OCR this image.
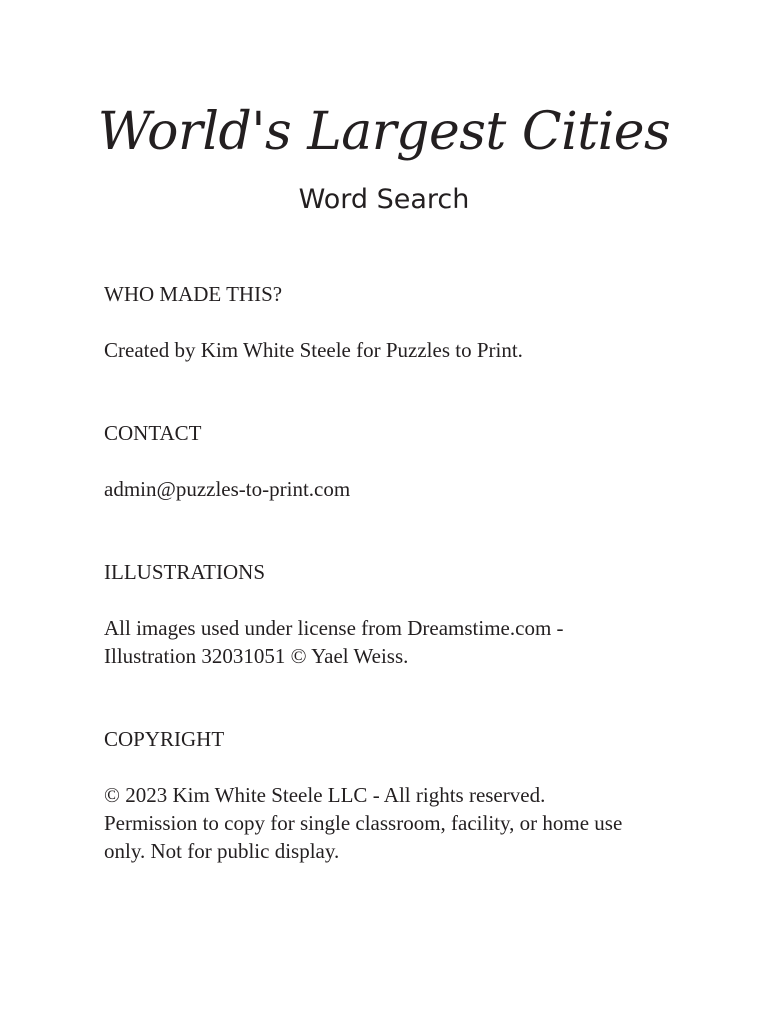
World's Largest Cities
Word Search
WHO MADE THIS?

Created by Kim White Steele for Puzzles to Print.

CONTACT

admin@puzzles-to-print.com

ILLUSTRATIONS

All images used under license from Dreamstime.com -

Illustration 32031051 © Yael Weiss.

COPYRIGHT

© 2023 Kim White Steele LLC - All rights reserved.

Permission to copy for single classroom, facility, or home use

only. Not for public display.
